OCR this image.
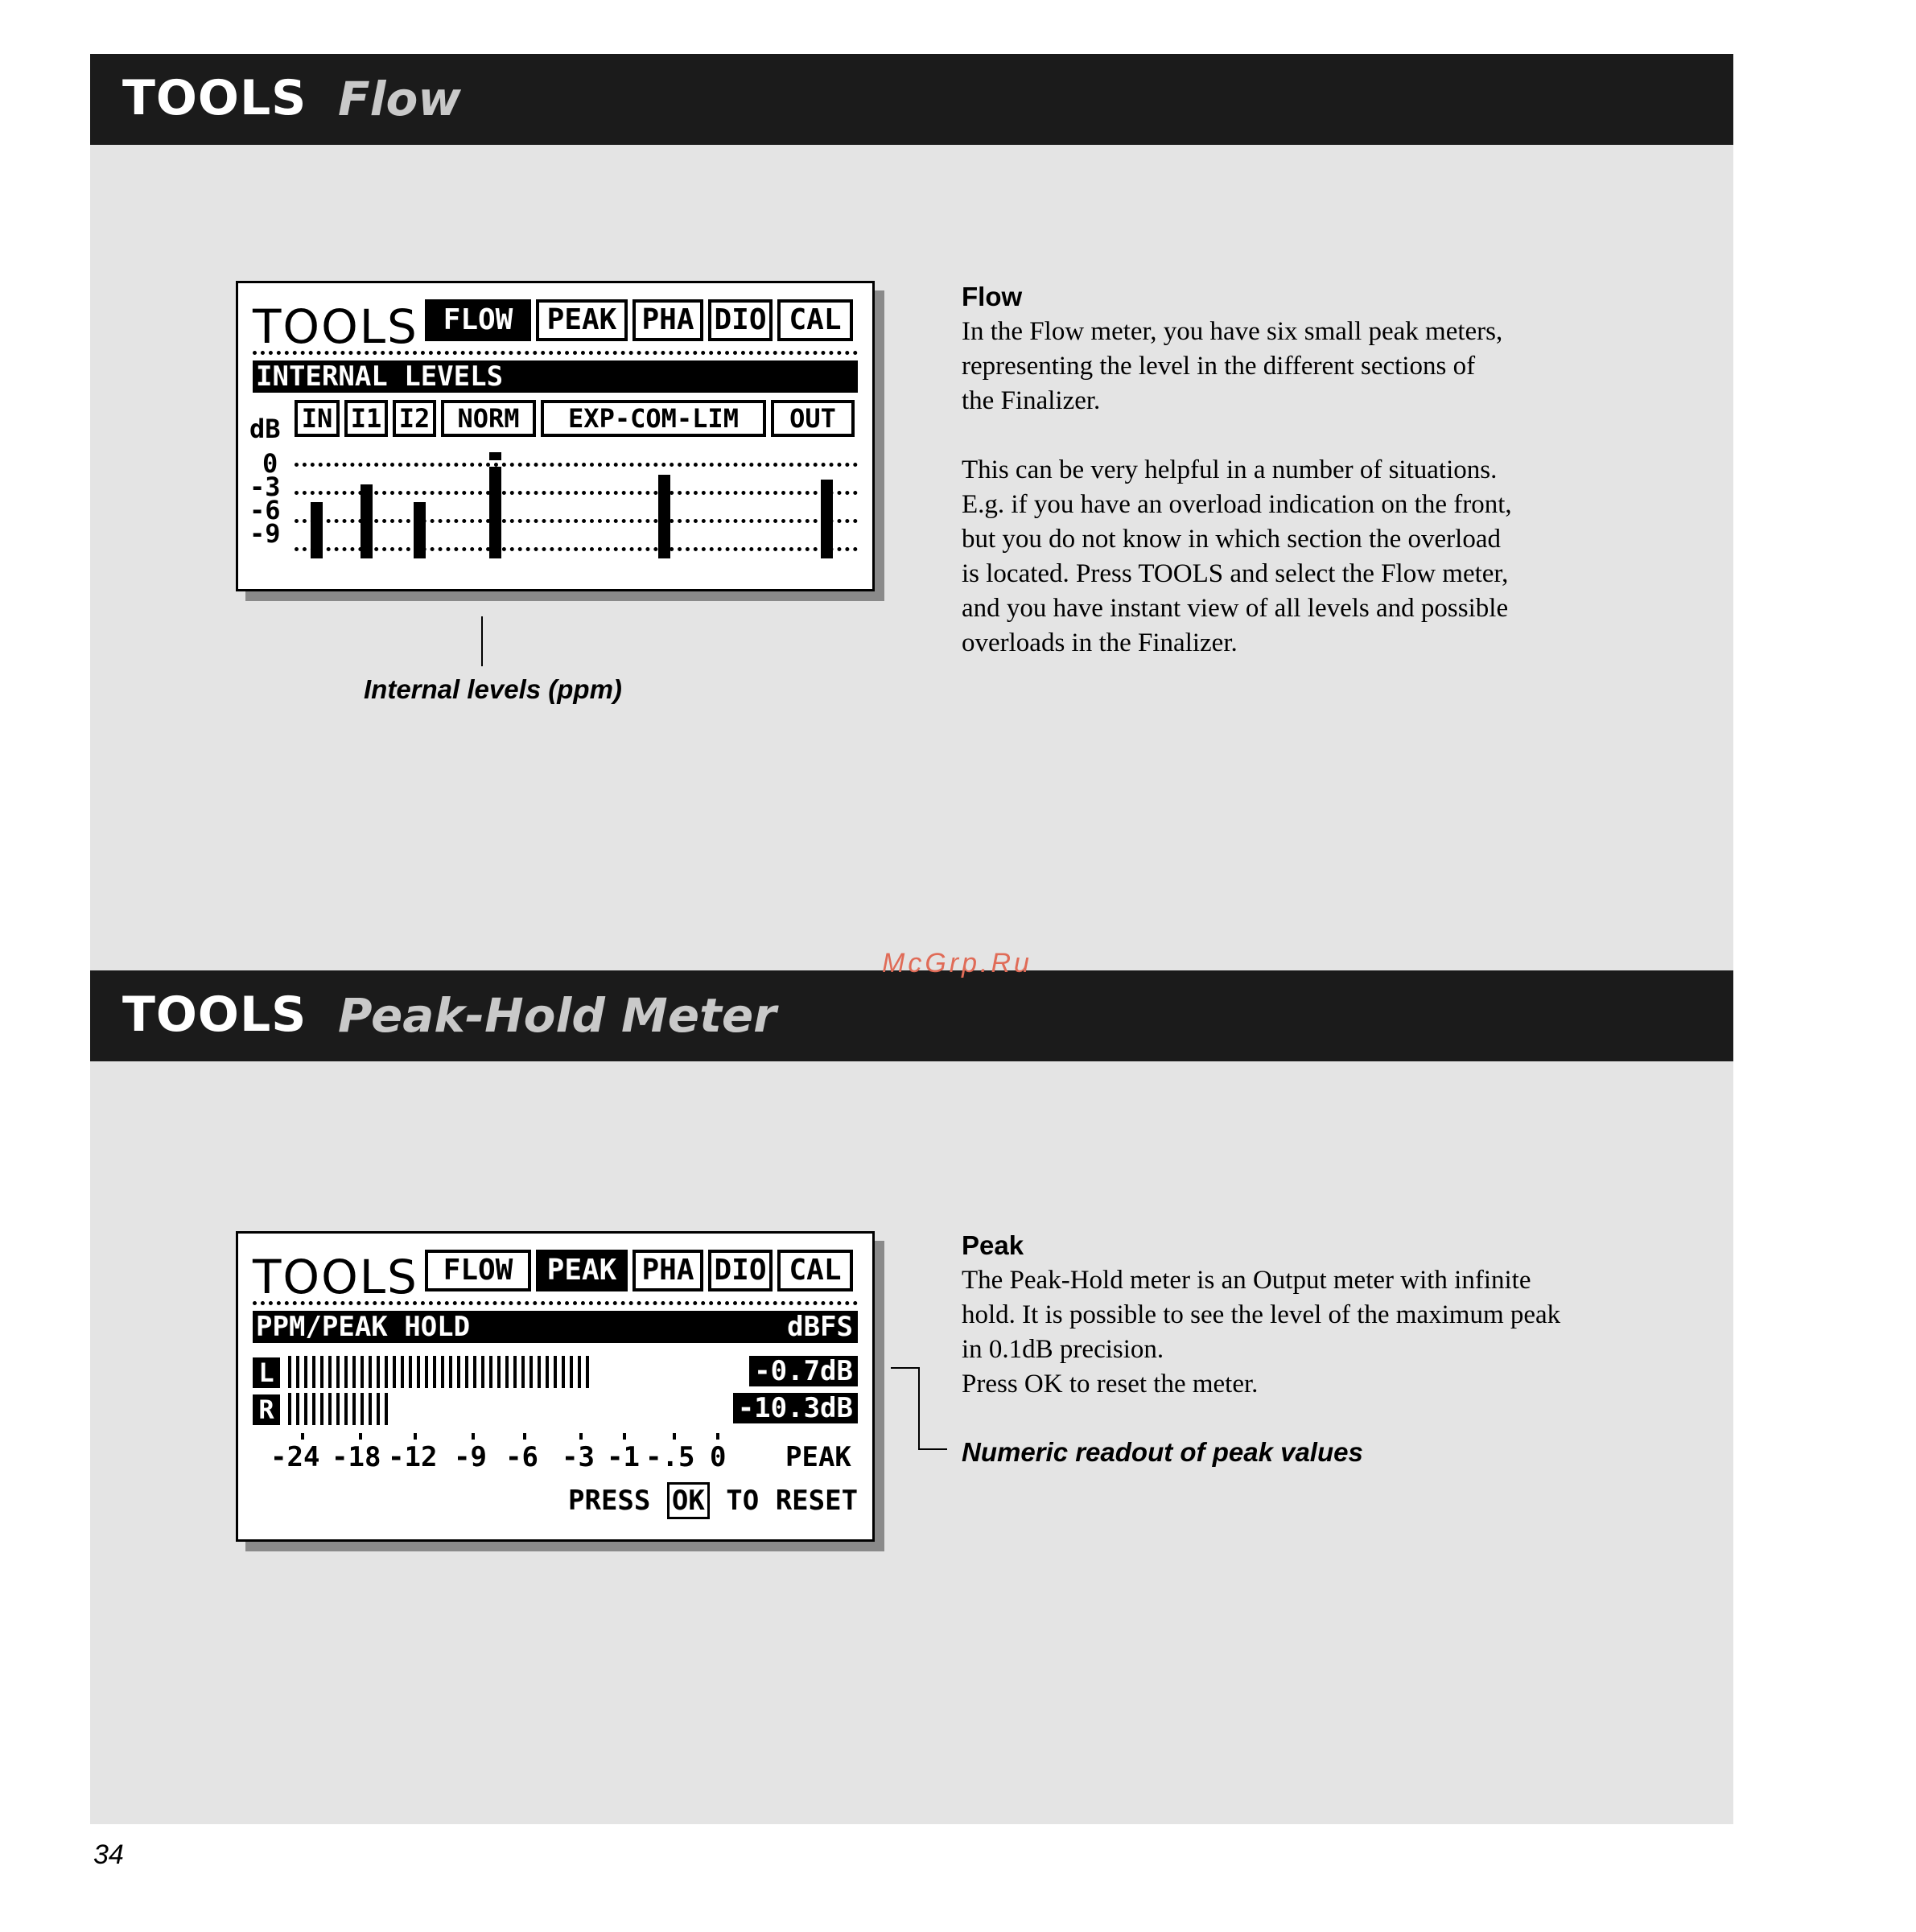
TOOLS Flow
TOOLS FLOW	PEAK PHA DIO CAL
INTERNAL LEVELS
dB IN I1 I2	NORM	EXP-COM-LIM	OUT
0
-3
-6
-9
Internal levels (ppm)
Flow
In the Flow meter, you have six small peak meters,
representing the level in the different sections of
the Finalizer.
This can be very helpful in a number of situations.
E.g. if you have an overload indication on the front,
but you do not know in which section the overload
is located. Press TOOLS and select the Flow meter,
and you have instant view of all levels and possible
overloads in the Finalizer.
TOOLS Peak-Hold Meter
McGrp.Ru
TOOLS FLOW	PEAK PHA DIO CAL
PPM/PEAK HOLD	dBFS
L
R
-0.7dB
-10.3dB
-24 -18 -12 -9 -6 -3 -1 -.5 0 PEAK
PRESS OK TO RESET
Peak
The Peak-Hold meter is an Output meter with infinite
hold. It is possible to see the level of the maximum peak
in 0.1dB precision.
Press OK to reset the meter.
Numeric readout of peak values
34
